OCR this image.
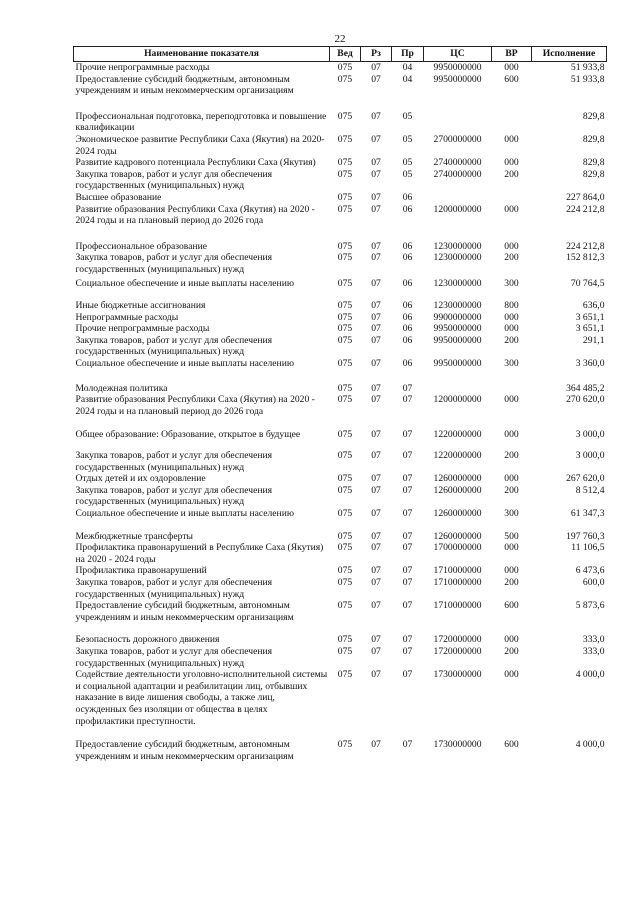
22
Наименование показателя	Вед	Рз	Пр	ЦС	ВР	Исполнение
Прочие непрограммные расходы	075	07	04	9950000000	000	51 933,8
Предоставление субсидий бюджетным, автономным учреждениям и иным некоммерческим организациям	075	07	04	9950000000	600	51 933,8

Профессиональная подготовка, переподготовка и повышение квалификации	075	07	05			829,8
Экономическое развитие Республики Саха (Якутия) на 2020-2024 годы	075	07	05	2700000000	000	829,8
Развитие кадрового потенциала Республики Саха (Якутия)	075	07	05	2740000000	000	829,8
Закупка товаров, работ и услуг для обеспечения государственных (муниципальных) нужд	075	07	05	2740000000	200	829,8
Высшее образование	075	07	06			227 864,0
Развитие образования Республики Саха (Якутия) на 2020 - 2024 годы и на плановый период до 2026 года	075	07	06	1200000000	000	224 212,8

Профессиональное образование	075	07	06	1230000000	000	224 212,8
Закупка товаров, работ и услуг для обеспечения государственных (муниципальных) нужд	075	07	06	1230000000	200	152 812,3

Социальное обеспечение и иные выплаты населению	075	07	06	1230000000	300	70 764,5

Иные бюджетные ассигнования	075	07	06	1230000000	800	636,0
Непрограммные расходы	075	07	06	9900000000	000	3 651,1
Прочие непрограммные расходы	075	07	06	9950000000	000	3 651,1
Закупка товаров, работ и услуг для обеспечения государственных (муниципальных) нужд	075	07	06	9950000000	200	291,1
Социальное обеспечение и иные выплаты населению	075	07	06	9950000000	300	3 360,0

Молодежная политика	075	07	07			364 485,2
Развитие образования Республики Саха (Якутия) на 2020 - 2024 годы и на плановый период до 2026 года	075	07	07	1200000000	000	270 620,0

Общее образование: Образование, открытое в будущее	075	07	07	1220000000	000	3 000,0

Закупка товаров, работ и услуг для обеспечения государственных (муниципальных) нужд	075	07	07	1220000000	200	3 000,0
Отдых детей и их оздоровление	075	07	07	1260000000	000	267 620,0
Закупка товаров, работ и услуг для обеспечения государственных (муниципальных) нужд	075	07	07	1260000000	200	8 512,4
Социальное обеспечение и иные выплаты населению	075	07	07	1260000000	300	61 347,3

Межбюджетные трансферты	075	07	07	1260000000	500	197 760,3
Профилактика правонарушений в Республике Саха (Якутия) на 2020 - 2024 годы	075	07	07	1700000000	000	11 106,5
Профилактика правонарушений	075	07	07	1710000000	000	6 473,6
Закупка товаров, работ и услуг для обеспечения государственных (муниципальных) нужд	075	07	07	1710000000	200	600,0
Предоставление субсидий бюджетным, автономным учреждениям и иным некоммерческим организациям	075	07	07	1710000000	600	5 873,6

Безопасность дорожного движения	075	07	07	1720000000	000	333,0
Закупка товаров, работ и услуг для обеспечения государственных (муниципальных) нужд	075	07	07	1720000000	200	333,0
Содействие деятельности уголовно-исполнительной системы и социальной адаптации и реабилитации лиц, отбывших наказание в виде лишения свободы, а также лиц, осужденных без изоляции от общества в целях профилактики преступности.	075	07	07	1730000000	000	4 000,0

Предоставление субсидий бюджетным, автономным учреждениям и иным некоммерческим организациям	075	07	07	1730000000	600	4 000,0
